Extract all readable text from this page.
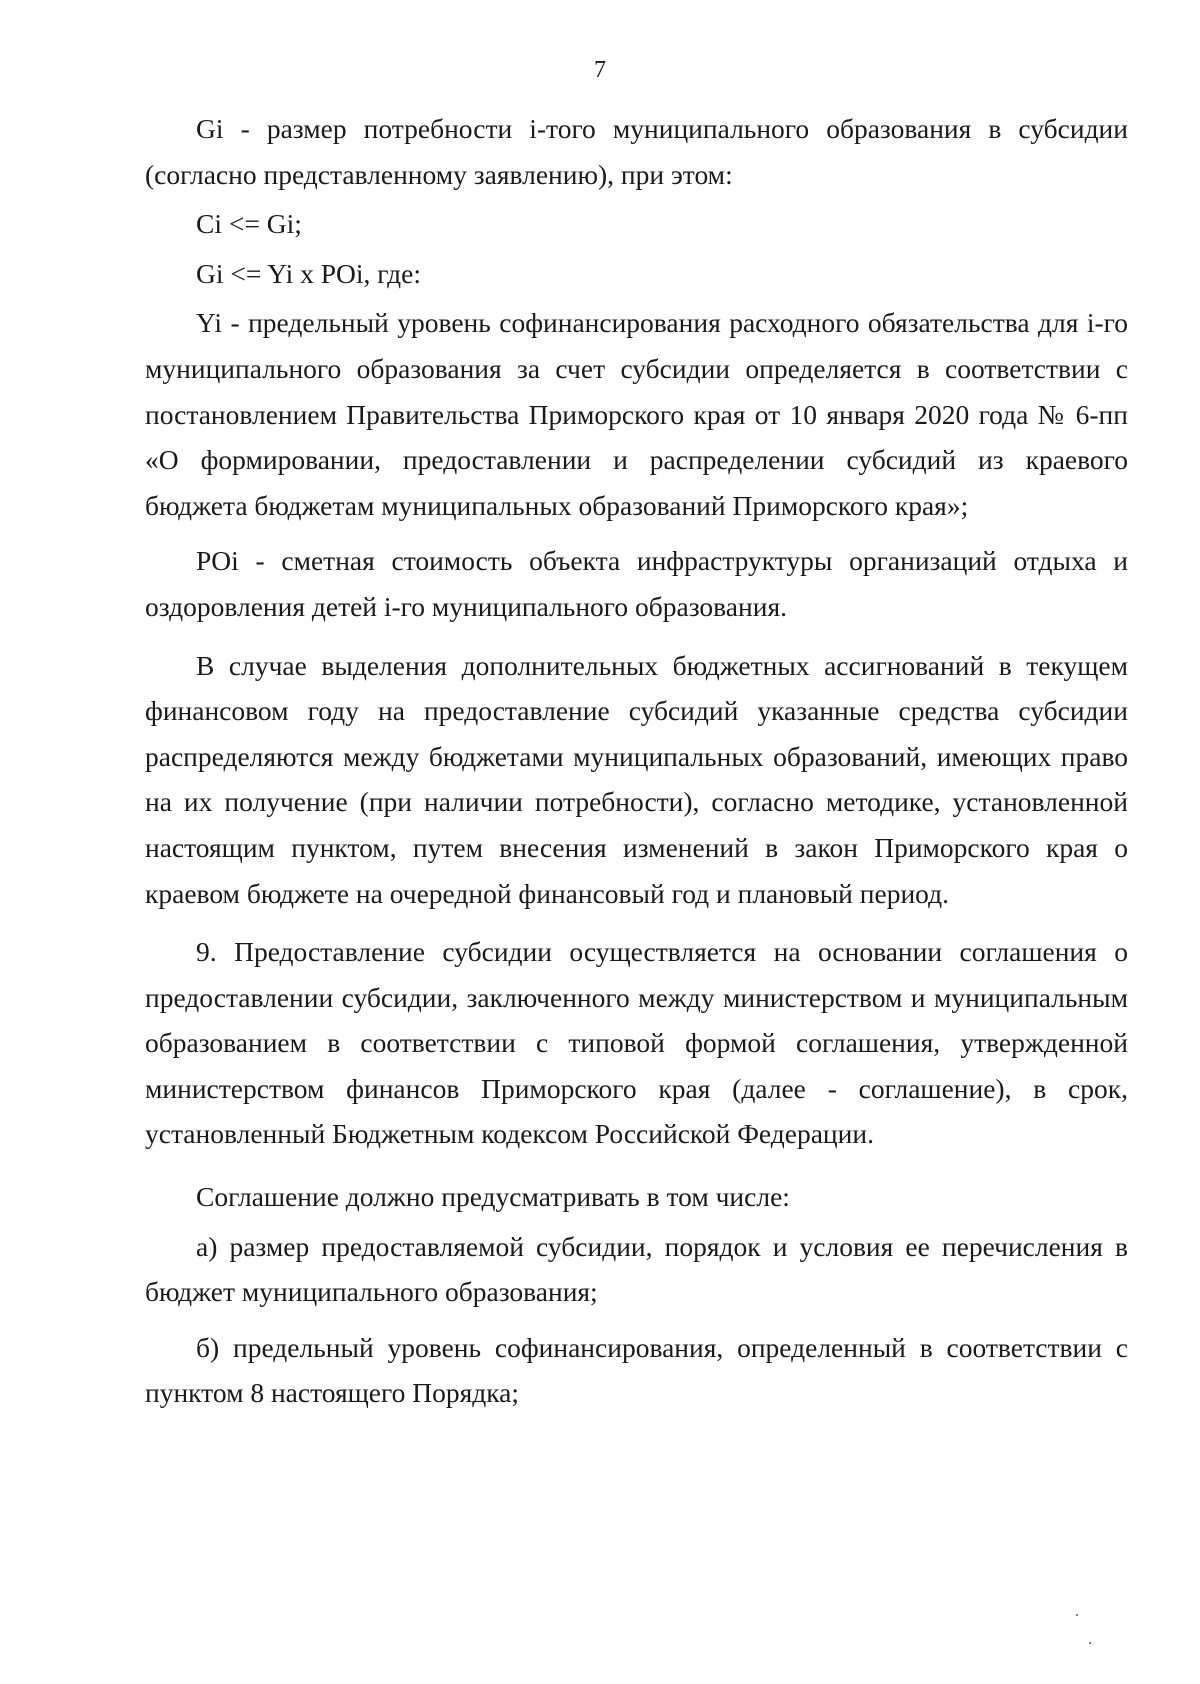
7

Gi - размер потребности i-того муниципального образования в субсидии (согласно представленному заявлению), при этом:

Ci <= Gi;

Gi <= Yi x POi, где:

Yi - предельный уровень софинансирования расходного обязательства для i-го муниципального образования за счет субсидии определяется в соответствии с постановлением Правительства Приморского края от 10 января 2020 года № 6-пп «О формировании, предоставлении и распределении субсидий из краевого бюджета бюджетам муниципальных образований Приморского края»;

POi - сметная стоимость объекта инфраструктуры организаций отдыха и оздоровления детей i-го муниципального образования.

В случае выделения дополнительных бюджетных ассигнований в текущем финансовом году на предоставление субсидий указанные средства субсидии распределяются между бюджетами муниципальных образований, имеющих право на их получение (при наличии потребности), согласно методике, установленной настоящим пунктом, путем внесения изменений в закон Приморского края о краевом бюджете на очередной финансовый год и плановый период.

9. Предоставление субсидии осуществляется на основании соглашения о предоставлении субсидии, заключенного между министерством и муниципальным образованием в соответствии с типовой формой соглашения, утвержденной министерством финансов Приморского края (далее - соглашение), в срок, установленный Бюджетным кодексом Российской Федерации.

Соглашение должно предусматривать в том числе:

а) размер предоставляемой субсидии, порядок и условия ее перечисления в бюджет муниципального образования;

б) предельный уровень софинансирования, определенный в соответствии с пунктом 8 настоящего Порядка;
